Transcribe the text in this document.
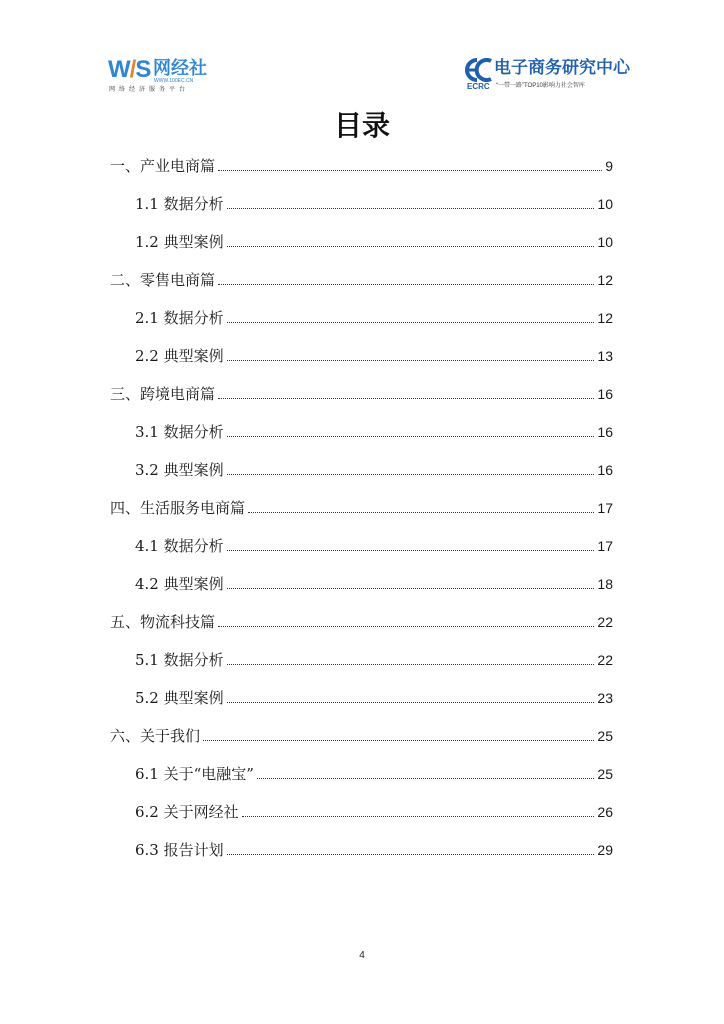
W/S 网经社
WWW.100EC.CN
网络经济服务平台
电子商务研究中心
ECRC “一带一路”TOP10影响力社会智库
目录
一、产业电商篇	9
1.1 数据分析	10
1.2 典型案例	10
二、零售电商篇	12
2.1 数据分析	12
2.2 典型案例	13
三、跨境电商篇	16
3.1 数据分析	16
3.2 典型案例	16
四、生活服务电商篇	17
4.1 数据分析	17
4.2 典型案例	18
五、物流科技篇	22
5.1 数据分析	22
5.2 典型案例	23
六、关于我们	25
6.1 关于“电融宝”	25
6.2 关于网经社	26
6.3 报告计划	29
4
